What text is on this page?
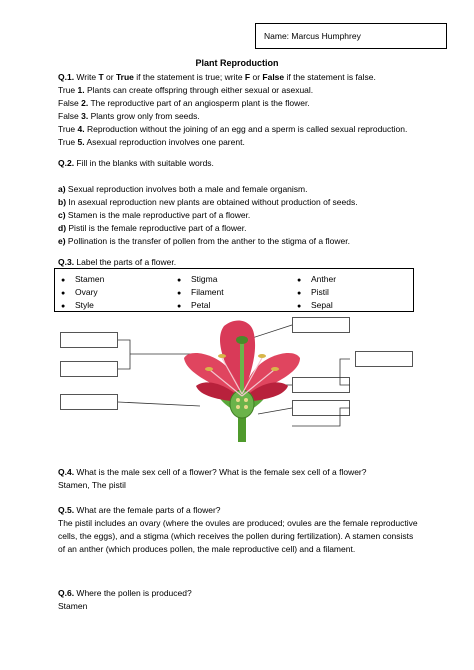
Name: Marcus Humphrey
Plant Reproduction
Q.1. Write T or True if the statement is true; write F or False if the statement is false.
True 1. Plants can create offspring through either sexual or asexual.
False 2. The reproductive part of an angiosperm plant is the flower.
False 3. Plants grow only from seeds.
True 4. Reproduction without the joining of an egg and a sperm is called sexual reproduction.
True 5. Asexual reproduction involves one parent.
Q.2. Fill in the blanks with suitable words.
a) Sexual reproduction involves both a male and female organism.
b) In asexual reproduction new plants are obtained without production of seeds.
c) Stamen is the male reproductive part of a flower.
d) Pistil is the female reproductive part of a flower.
e) Pollination is the transfer of pollen from the anther to the stigma of a flower.
Q.3. Label the parts of a flower.
● Stamen
● Ovary
● Style
● Stigma
● Filament
● Petal
● Anther
● Pistil
● Sepal
Q.4. What is the male sex cell of a flower? What is the female sex cell of a flower?
Stamen, The pistil
Q.5. What are the female parts of a flower?
The pistil includes an ovary (where the ovules are produced; ovules are the female reproductive cells, the eggs), and a stigma (which receives the pollen during fertilization). A stamen consists of an anther (which produces pollen, the male reproductive cell) and a filament.
Q.6. Where the pollen is produced?
Stamen
